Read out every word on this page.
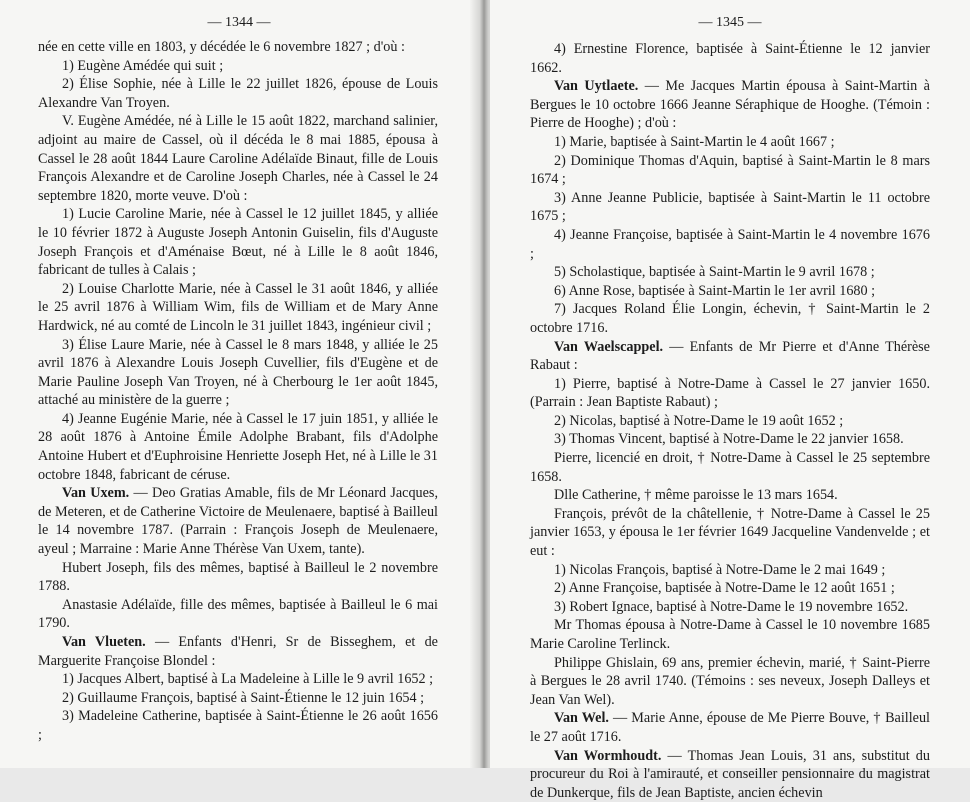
— 1344 —

née en cette ville en 1803, y décédée le 6 novembre 1827 ; d'où :

1) Eugène Amédée qui suit ;

2) Élise Sophie, née à Lille le 22 juillet 1826, épouse de Louis Alexandre Van Troyen.

V. Eugène Amédée, né à Lille le 15 août 1822, marchand salinier, adjoint au maire de Cassel, où il décéda le 8 mai 1885, épousa à Cassel le 28 août 1844 Laure Caroline Adélaïde Binaut, fille de Louis François Alexandre et de Caroline Joseph Charles, née à Cassel le 24 septembre 1820, morte veuve. D'où :

1) Lucie Caroline Marie, née à Cassel le 12 juillet 1845, y alliée le 10 février 1872 à Auguste Joseph Antonin Guiselin, fils d'Auguste Joseph François et d'Aménaise Bœut, né à Lille le 8 août 1846, fabricant de tulles à Calais ;

2) Louise Charlotte Marie, née à Cassel le 31 août 1846, y alliée le 25 avril 1876 à William Wim, fils de William et de Mary Anne Hardwick, né au comté de Lincoln le 31 juillet 1843, ingénieur civil ;

3) Élise Laure Marie, née à Cassel le 8 mars 1848, y alliée le 25 avril 1876 à Alexandre Louis Joseph Cuvellier, fils d'Eugène et de Marie Pauline Joseph Van Troyen, né à Cherbourg le 1er août 1845, attaché au ministère de la guerre ;

4) Jeanne Eugénie Marie, née à Cassel le 17 juin 1851, y alliée le 28 août 1876 à Antoine Émile Adolphe Brabant, fils d'Adolphe Antoine Hubert et d'Euphroisine Henriette Joseph Het, né à Lille le 31 octobre 1848, fabricant de céruse.

Van Uxem. — Deo Gratias Amable, fils de Mr Léonard Jacques, de Meteren, et de Catherine Victoire de Meulenaere, baptisé à Bailleul le 14 novembre 1787. (Parrain : François Joseph de Meulenaere, ayeul ; Marraine : Marie Anne Thérèse Van Uxem, tante).

Hubert Joseph, fils des mêmes, baptisé à Bailleul le 2 novembre 1788.

Anastasie Adélaïde, fille des mêmes, baptisée à Bailleul le 6 mai 1790.

Van Vlueten. — Enfants d'Henri, Sr de Bisseghem, et de Marguerite Françoise Blondel :

1) Jacques Albert, baptisé à La Madeleine à Lille le 9 avril 1652 ;

2) Guillaume François, baptisé à Saint-Étienne le 12 juin 1654 ;

3) Madeleine Catherine, baptisée à Saint-Étienne le 26 août 1656 ;

— 1345 —

4) Ernestine Florence, baptisée à Saint-Étienne le 12 janvier 1662.

Van Uytlaete. — Me Jacques Martin épousa à Saint-Martin à Bergues le 10 octobre 1666 Jeanne Séraphique de Hooghe. (Témoin : Pierre de Hooghe) ; d'où :

1) Marie, baptisée à Saint-Martin le 4 août 1667 ;

2) Dominique Thomas d'Aquin, baptisé à Saint-Martin le 8 mars 1674 ;

3) Anne Jeanne Publicie, baptisée à Saint-Martin le 11 octobre 1675 ;

4) Jeanne Françoise, baptisée à Saint-Martin le 4 novembre 1676 ;

5) Scholastique, baptisée à Saint-Martin le 9 avril 1678 ;

6) Anne Rose, baptisée à Saint-Martin le 1er avril 1680 ;

7) Jacques Roland Élie Longin, échevin, † Saint-Martin le 2 octobre 1716.

Van Waelscappel. — Enfants de Mr Pierre et d'Anne Thérèse Rabaut :

1) Pierre, baptisé à Notre-Dame à Cassel le 27 janvier 1650. (Parrain : Jean Baptiste Rabaut) ;

2) Nicolas, baptisé à Notre-Dame le 19 août 1652 ;

3) Thomas Vincent, baptisé à Notre-Dame le 22 janvier 1658.

Pierre, licencié en droit, † Notre-Dame à Cassel le 25 septembre 1658.

Dlle Catherine, † même paroisse le 13 mars 1654.

François, prévôt de la châtellenie, † Notre-Dame à Cassel le 25 janvier 1653, y épousa le 1er février 1649 Jacqueline Vandenvelde ; et eut :

1) Nicolas François, baptisé à Notre-Dame le 2 mai 1649 ;

2) Anne Françoise, baptisée à Notre-Dame le 12 août 1651 ;

3) Robert Ignace, baptisé à Notre-Dame le 19 novembre 1652.

Mr Thomas épousa à Notre-Dame à Cassel le 10 novembre 1685 Marie Caroline Terlinck.

Philippe Ghislain, 69 ans, premier échevin, marié, † Saint-Pierre à Bergues le 28 avril 1740. (Témoins : ses neveux, Joseph Dalleys et Jean Van Wel).

Van Wel. — Marie Anne, épouse de Me Pierre Bouve, † Bailleul le 27 août 1716.

Van Wormhoudt. — Thomas Jean Louis, 31 ans, substitut du procureur du Roi à l'amirauté, et conseiller pensionnaire du magistrat de Dunkerque, fils de Jean Baptiste, ancien échevin
